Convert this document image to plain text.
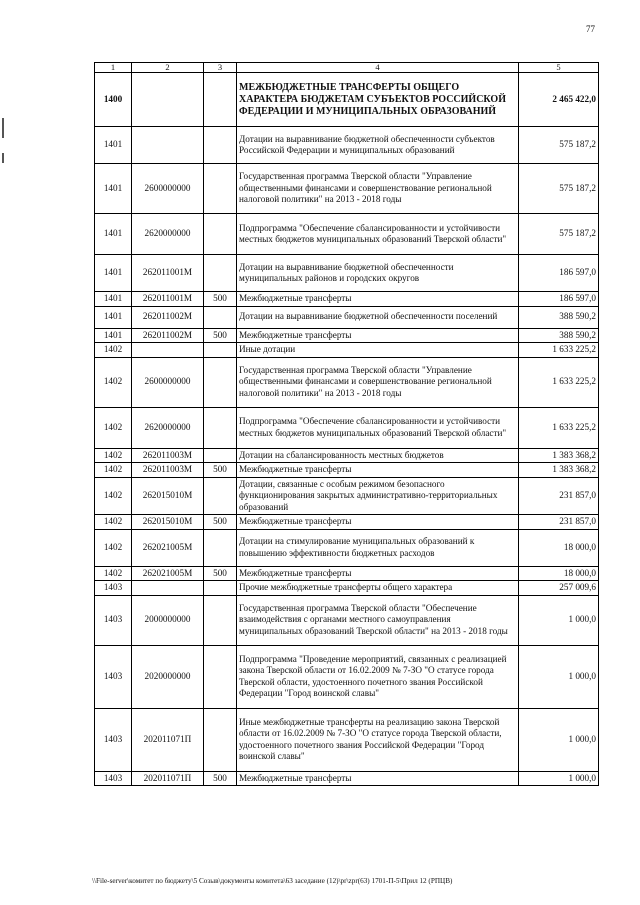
77
1	2	3	4	5
1400			МЕЖБЮДЖЕТНЫЕ ТРАНСФЕРТЫ ОБЩЕГО ХАРАКТЕРА БЮДЖЕТАМ СУБЪЕКТОВ РОССИЙСКОЙ ФЕДЕРАЦИИ И МУНИЦИПАЛЬНЫХ ОБРАЗОВАНИЙ	2 465 422,0
1401			Дотации на выравнивание бюджетной обеспеченности субъектов Российской Федерации и муниципальных образований	575 187,2
1401	2600000000		Государственная программа Тверской области "Управление общественными финансами и совершенствование региональной налоговой политики" на 2013 - 2018 годы	575 187,2
1401	2620000000		Подпрограмма "Обеспечение сбалансированности и устойчивости местных бюджетов муниципальных образований Тверской области"	575 187,2
1401	262011001М		Дотации на выравнивание бюджетной обеспеченности муниципальных районов и городских округов	186 597,0
1401	262011001М	500	Межбюджетные трансферты	186 597,0
1401	262011002М		Дотации на выравнивание бюджетной обеспеченности поселений	388 590,2
1401	262011002М	500	Межбюджетные трансферты	388 590,2
1402			Иные дотации	1 633 225,2
1402	2600000000		Государственная программа Тверской области "Управление общественными финансами и совершенствование региональной налоговой политики" на 2013 - 2018 годы	1 633 225,2
1402	2620000000		Подпрограмма "Обеспечение сбалансированности и устойчивости местных бюджетов муниципальных образований Тверской области"	1 633 225,2
1402	262011003М		Дотации на сбалансированность местных бюджетов	1 383 368,2
1402	262011003М	500	Межбюджетные трансферты	1 383 368,2
1402	262015010М		Дотации, связанные с особым режимом безопасного функционирования закрытых административно-территориальных образований	231 857,0
1402	262015010М	500	Межбюджетные трансферты	231 857,0
1402	262021005М		Дотации на стимулирование муниципальных образований к повышению эффективности бюджетных расходов	18 000,0
1402	262021005М	500	Межбюджетные трансферты	18 000,0
1403			Прочие межбюджетные трансферты общего характера	257 009,6
1403	2000000000		Государственная программа Тверской области "Обеспечение взаимодействия с органами местного самоуправления муниципальных образований Тверской области" на 2013 - 2018 годы	1 000,0
1403	2020000000		Подпрограмма "Проведение мероприятий, связанных с реализацией закона Тверской области от 16.02.2009 № 7-ЗО "О статусе города Тверской области, удостоенного почетного звания Российской Федерации "Город воинской славы"	1 000,0
1403	202011071П		Иные межбюджетные трансферты на реализацию закона Тверской области от 16.02.2009 № 7-ЗО "О статусе города Тверской области, удостоенного почетного звания Российской Федерации "Город воинской славы"	1 000,0
1403	202011071П	500	Межбюджетные трансферты	1 000,0
\\File-server\комитет по бюджету\5 Созыв\документы комитета\63 заседание (12)\pr\zpr(63) 1701-П-5\Прил 12 (РПЦВ)
